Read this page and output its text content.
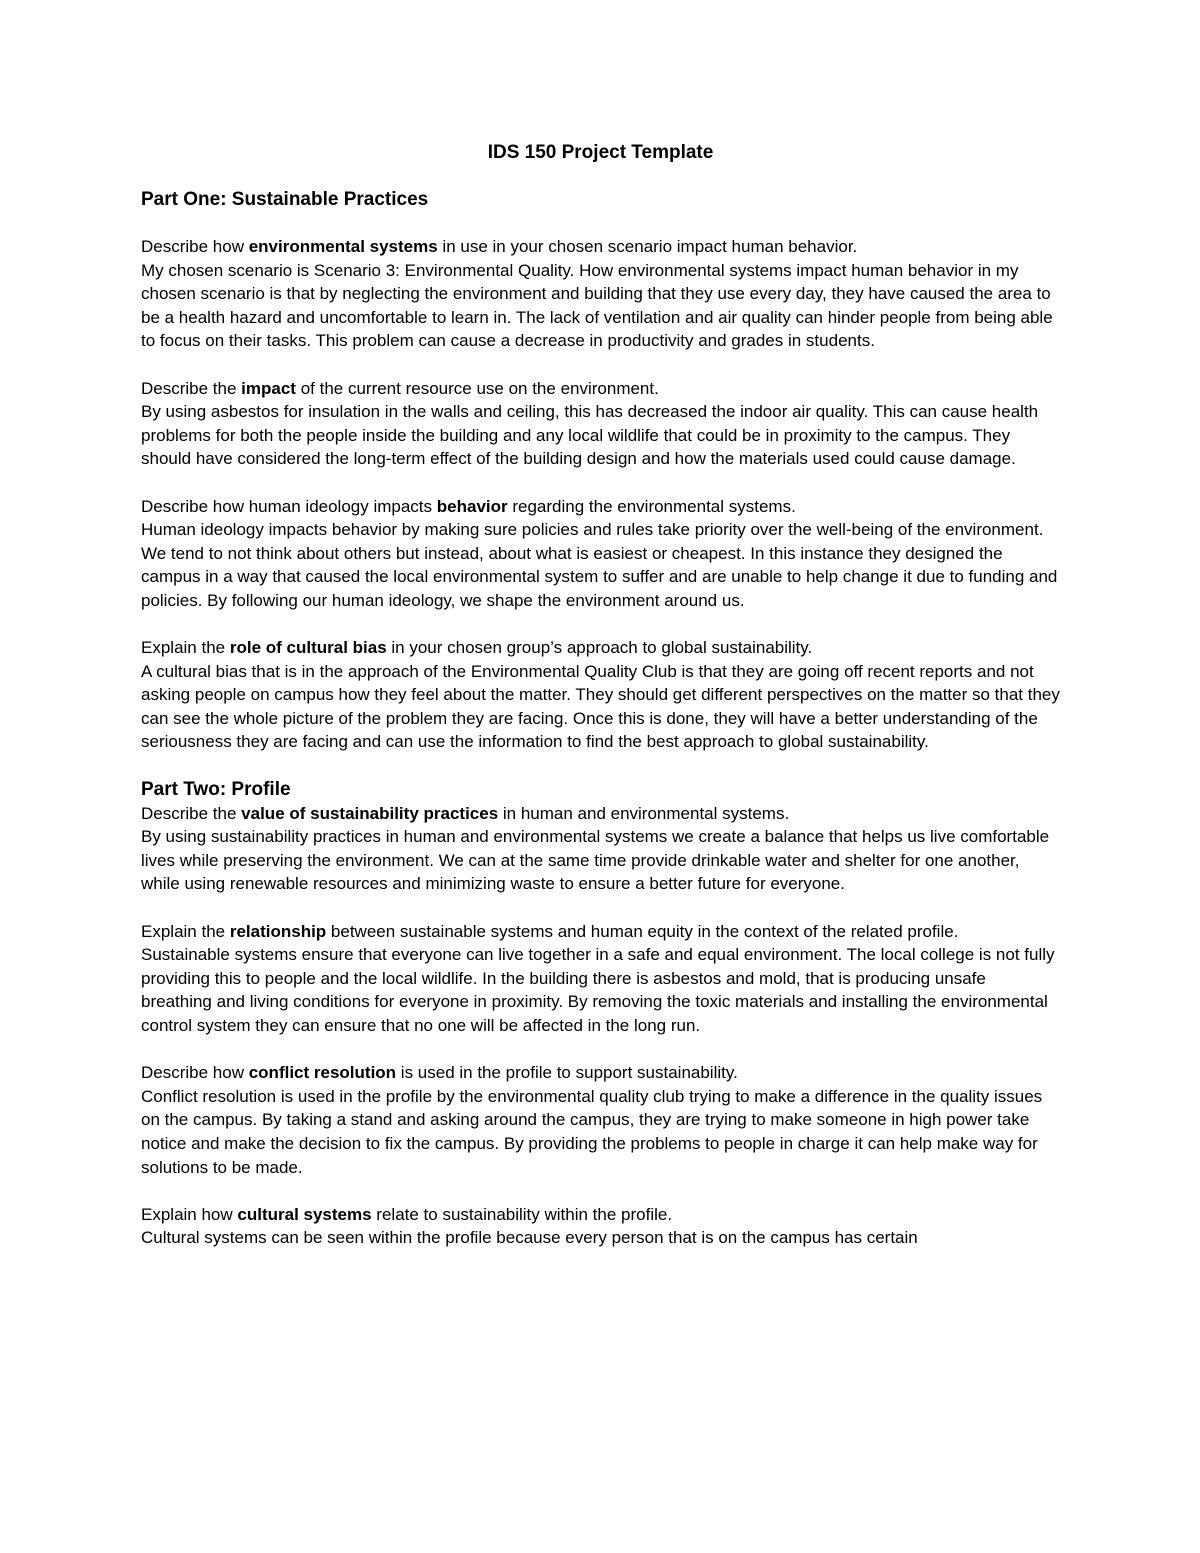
IDS 150 Project Template
Part One: Sustainable Practices

Describe how environmental systems in use in your chosen scenario impact human behavior.

My chosen scenario is Scenario 3: Environmental Quality. How environmental systems impact human behavior in my chosen scenario is that by neglecting the environment and building that they use every day, they have caused the area to be a health hazard and uncomfortable to learn in. The lack of ventilation and air quality can hinder people from being able to focus on their tasks. This problem can cause a decrease in productivity and grades in students.

Describe the impact of the current resource use on the environment.

By using asbestos for insulation in the walls and ceiling, this has decreased the indoor air quality. This can cause health problems for both the people inside the building and any local wildlife that could be in proximity to the campus. They should have considered the long-term effect of the building design and how the materials used could cause damage.

Describe how human ideology impacts behavior regarding the environmental systems.

Human ideology impacts behavior by making sure policies and rules take priority over the well-being of the environment. We tend to not think about others but instead, about what is easiest or cheapest. In this instance they designed the campus in a way that caused the local environmental system to suffer and are unable to help change it due to funding and policies. By following our human ideology, we shape the environment around us.

Explain the role of cultural bias in your chosen group’s approach to global sustainability.

A cultural bias that is in the approach of the Environmental Quality Club is that they are going off recent reports and not asking people on campus how they feel about the matter. They should get different perspectives on the matter so that they can see the whole picture of the problem they are facing. Once this is done, they will have a better understanding of the seriousness they are facing and can use the information to find the best approach to global sustainability.

Part Two: Profile

Describe the value of sustainability practices in human and environmental systems.

By using sustainability practices in human and environmental systems we create a balance that helps us live comfortable lives while preserving the environment. We can at the same time provide drinkable water and shelter for one another, while using renewable resources and minimizing waste to ensure a better future for everyone.

Explain the relationship between sustainable systems and human equity in the context of the related profile.

Sustainable systems ensure that everyone can live together in a safe and equal environment. The local college is not fully providing this to people and the local wildlife. In the building there is asbestos and mold, that is producing unsafe breathing and living conditions for everyone in proximity. By removing the toxic materials and installing the environmental control system they can ensure that no one will be affected in the long run.

Describe how conflict resolution is used in the profile to support sustainability.

Conflict resolution is used in the profile by the environmental quality club trying to make a difference in the quality issues on the campus. By taking a stand and asking around the campus, they are trying to make someone in high power take notice and make the decision to fix the campus. By providing the problems to people in charge it can help make way for solutions to be made.

Explain how cultural systems relate to sustainability within the profile.

Cultural systems can be seen within the profile because every person that is on the campus has certain
